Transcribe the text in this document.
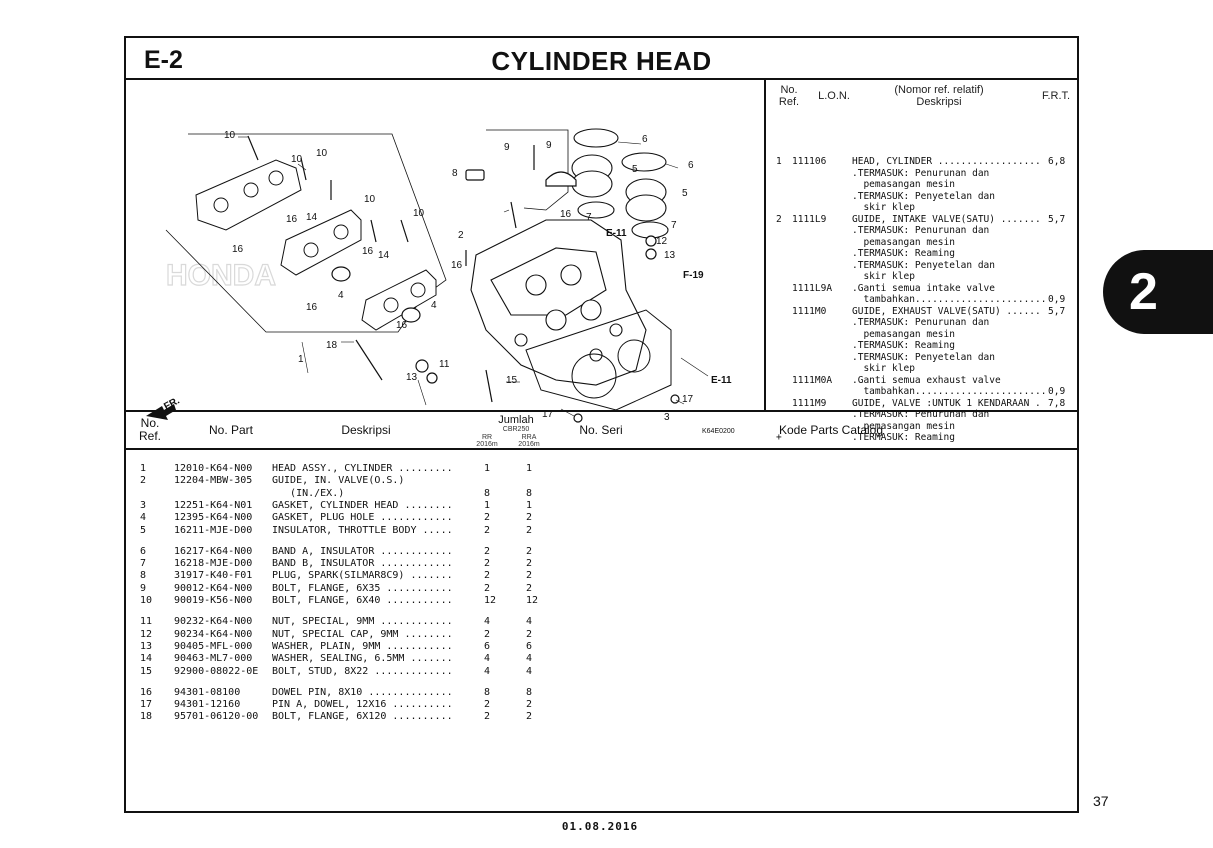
E-2	CYLINDER HEAD
HONDA
FR.
E-11
F-19
E-11
K64E0200
10
10
10
8
9	9
10
10
16 14
16	16 14
2
16
4
4
16
16
1
18
11
13	15
17
17
3
6
6
5
5
7
7
12
13
16
No.
Ref.	L.O.N.	(Nomor ref. relatif)
Deskripsi	F.R.T.
1 111106	HEAD, CYLINDER .................. 6,8
.TERMASUK: Penurunan dan
pemasangan mesin
.TERMASUK: Penyetelan dan
skir klep
2 1111L9	GUIDE, INTAKE VALVE(SATU) ....... 5,7
.TERMASUK: Penurunan dan
pemasangan mesin
.TERMASUK: Reaming
.TERMASUK: Penyetelan dan
skir klep
1111L9A .Ganti semua intake valve
tambahkan....................... 0,9
1111M0	GUIDE, EXHAUST VALVE(SATU) ...... 5,7
.TERMASUK: Penurunan dan
pemasangan mesin
.TERMASUK: Reaming
.TERMASUK: Penyetelan dan
skir klep
1111M0A .Ganti semua exhaust valve
tambahkan....................... 0,9
1111M9	GUIDE, VALVE :UNTUK 1 KENDARAAN . 7,8
.TERMASUK: Penurunan dan
pemasangan mesin
+	.TERMASUK: Reaming
No.
Ref.	No. Part	Deskripsi
Jumlah
CBR250
RR	RRA
2016m	2016m
No. Seri	Kode Parts Catalog
1	12010-K64-N00 HEAD ASSY., CYLINDER .........	1	1
2	12204-MBW-305 GUIDE, IN. VALVE(O.S.)
(IN./EX.)	8	8
3	12251-K64-N01 GASKET, CYLINDER HEAD ........	1	1
4	12395-K64-N00 GASKET, PLUG HOLE ............	2	2
5	16211-MJE-D00 INSULATOR, THROTTLE BODY .....	2	2
6	16217-K64-N00 BAND A, INSULATOR ............	2	2
7	16218-MJE-D00 BAND B, INSULATOR ............	2	2
8	31917-K40-F01 PLUG, SPARK(SILMAR8C9) .......	2	2
9	90012-K64-N00 BOLT, FLANGE, 6X35 ...........	2	2
10 90019-K56-N00 BOLT, FLANGE, 6X40 ...........	12	12
11 90232-K64-N00 NUT, SPECIAL, 9MM ............	4	4
12 90234-K64-N00 NUT, SPECIAL CAP, 9MM ........	2	2
13 90405-MFL-000 WASHER, PLAIN, 9MM ...........	6	6
14 90463-ML7-000 WASHER, SEALING, 6.5MM .......	4	4
15 92900-08022-0E BOLT, STUD, 8X22 .............	4	4
16 94301-08100	DOWEL PIN, 8X10 ..............	8	8
17 94301-12160	PIN A, DOWEL, 12X16 ..........	2	2
18 95701-06120-00 BOLT, FLANGE, 6X120 ..........	2	2
2
37
01.08.2016
